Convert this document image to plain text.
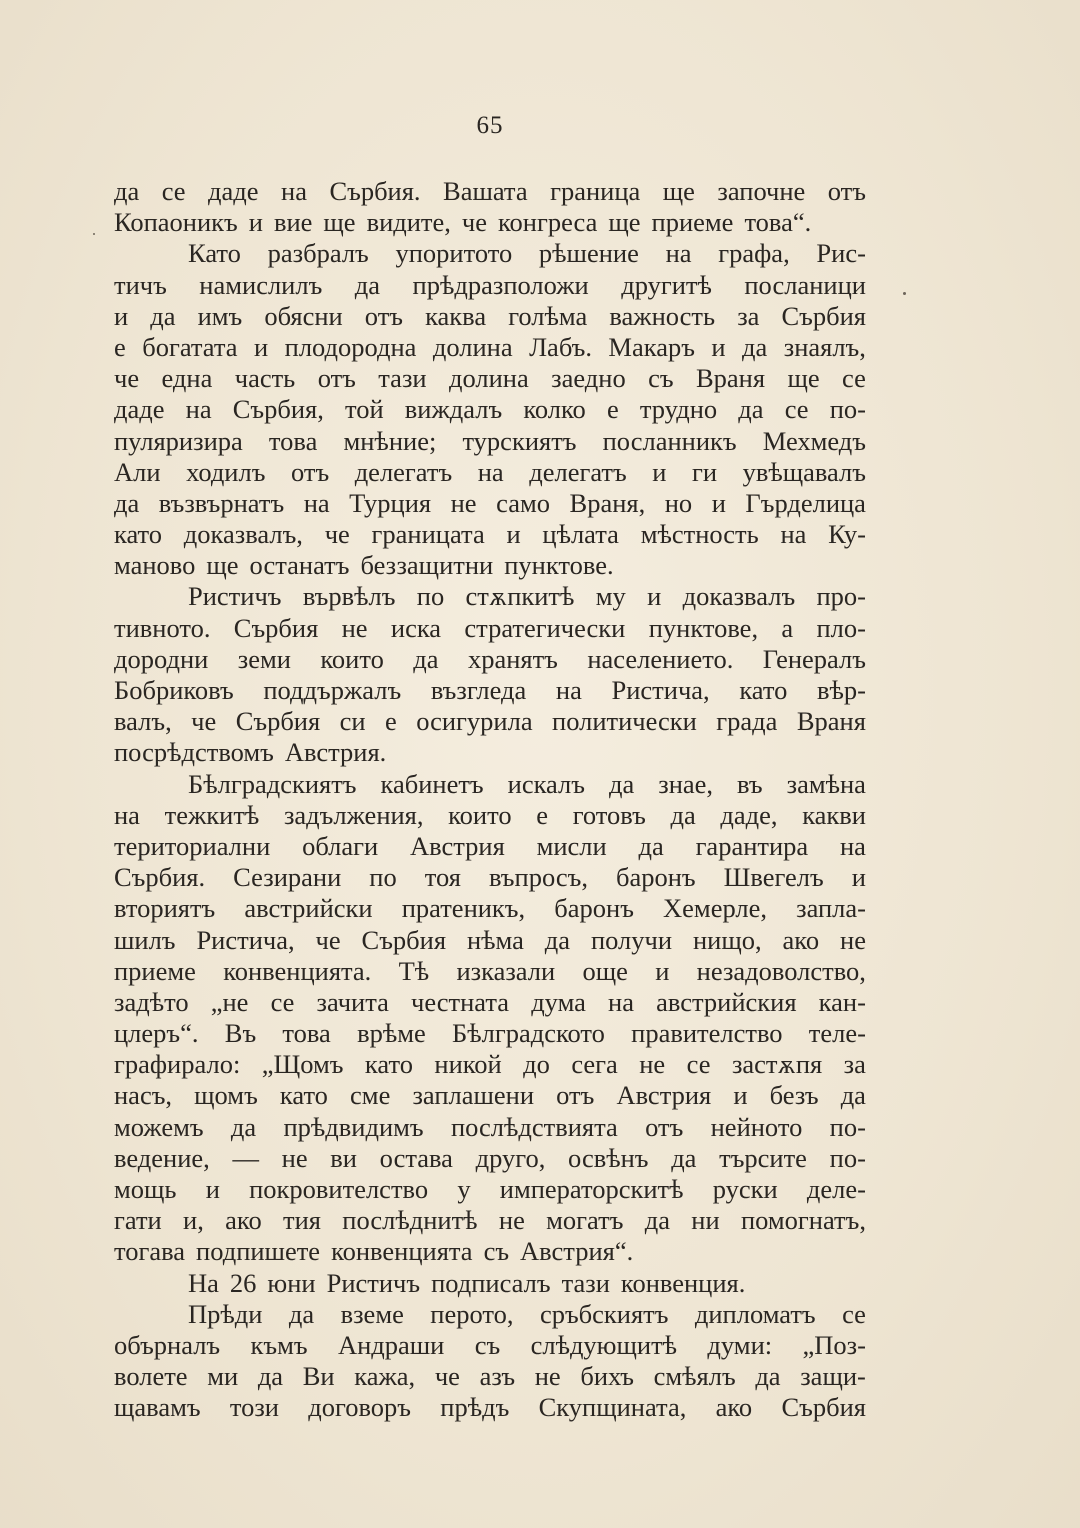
65
да се даде на Сърбия. Вашата граница ще започне отъ
Копаоникъ и вие ще видите, че конгреса ще приеме това“.
Като разбралъ упоритото рѣшение на графа, Рис-
тичъ намислилъ да прѣдразположи другитѣ посланици
и да имъ обясни отъ каква голѣма важность за Сърбия
е богатата и плодородна долина Лабъ. Макаръ и да знаялъ,
че една часть отъ тази долина заедно съ Враня ще се
даде на Сърбия, той виждалъ колко е трудно да се по-
пуляризира това мнѣние; турскиятъ посланникъ Мехмедъ
Али ходилъ отъ делегатъ на делегатъ и ги увѣщавалъ
да възвърнатъ на Турция не само Враня, но и Гърделица
като доказвалъ, че границата и цѣлата мѣстность на Ку-
маново ще останатъ беззащитни пунктове.
Ристичъ вървѣлъ по стѫпкитѣ му и доказвалъ про-
тивното. Сърбия не иска стратегически пунктове, а пло-
дородни земи които да хранятъ населението. Генералъ
Бобриковъ поддържалъ възгледа на Ристича, като вѣр-
валъ, че Сърбия си е осигурила политически града Враня
посрѣдствомъ Австрия.
Бѣлградскиятъ кабинетъ искалъ да знае, въ замѣна
на тежкитѣ задължения, които е готовъ да даде, какви
териториални облаги Австрия мисли да гарантира на
Сърбия. Сезирани по тоя въпросъ, баронъ Швегелъ и
вториятъ австрийски пратеникъ, баронъ Хемерле, запла-
шилъ Ристича, че Сърбия нѣма да получи нищо, ако не
приеме конвенцията. Тѣ изказали още и незадоволство,
задѣто „не се зачита честната дума на австрийския кан-
цлеръ“. Въ това врѣме Бѣлградското правителство теле-
графирало: „Щомъ като никой до сега не се застѫпя за
насъ, щомъ като сме заплашени отъ Австрия и безъ да
можемъ да прѣдвидимъ послѣдствията отъ нейното по-
ведение, — не ви остава друго, освѣнъ да търсите по-
мощь и покровителство у императорскитѣ руски деле-
гати и, ако тия послѣднитѣ не могатъ да ни помогнатъ,
тогава подпишете конвенцията съ Австрия“.
На 26 юни Ристичъ подписалъ тази конвенция.
Прѣди да вземе перото, сръбскиятъ дипломатъ се
обърналъ къмъ Андраши съ слѣдующитѣ думи: „Поз-
волете ми да Ви кажа, че азъ не бихъ смѣялъ да защи-
щавамъ този договоръ прѣдъ Скупщината, ако Сърбия
